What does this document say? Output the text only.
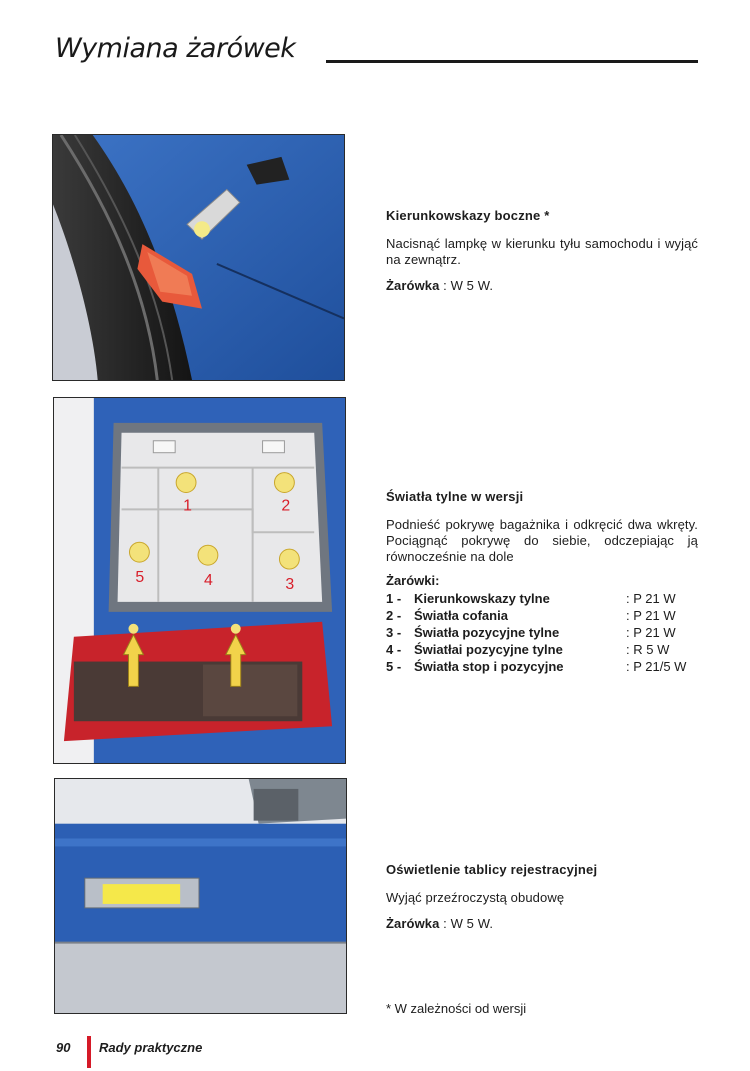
Wymiana żarówek
1	2
5	4	3
Kierunkowskazy boczne *

Nacisnąć lampkę w kierunku tyłu samochodu i wyjąć na zewnątrz.

Żarówka : W 5 W.

Światła tylne w wersji

Podnieść pokrywę bagażnika i odkręcić dwa wkręty. Pociągnąć pokrywę do siebie, odczepiając ją równocześnie na dole

Żarówki:
1 - Kierunkowskazy tylne	: P 21 W
2 - Światła cofania	: P 21 W
3 - Światła pozycyjne tylne	: P 21 W
4 - Światłai pozycyjne tylne	: R 5 W
5 - Światła stop i pozycyjne	: P 21/5 W
Oświetlenie tablicy rejestracyjnej

Wyjąć przeźroczystą obudowę

Żarówka : W 5 W.

* W zależności od wersji
90 Rady praktyczne
